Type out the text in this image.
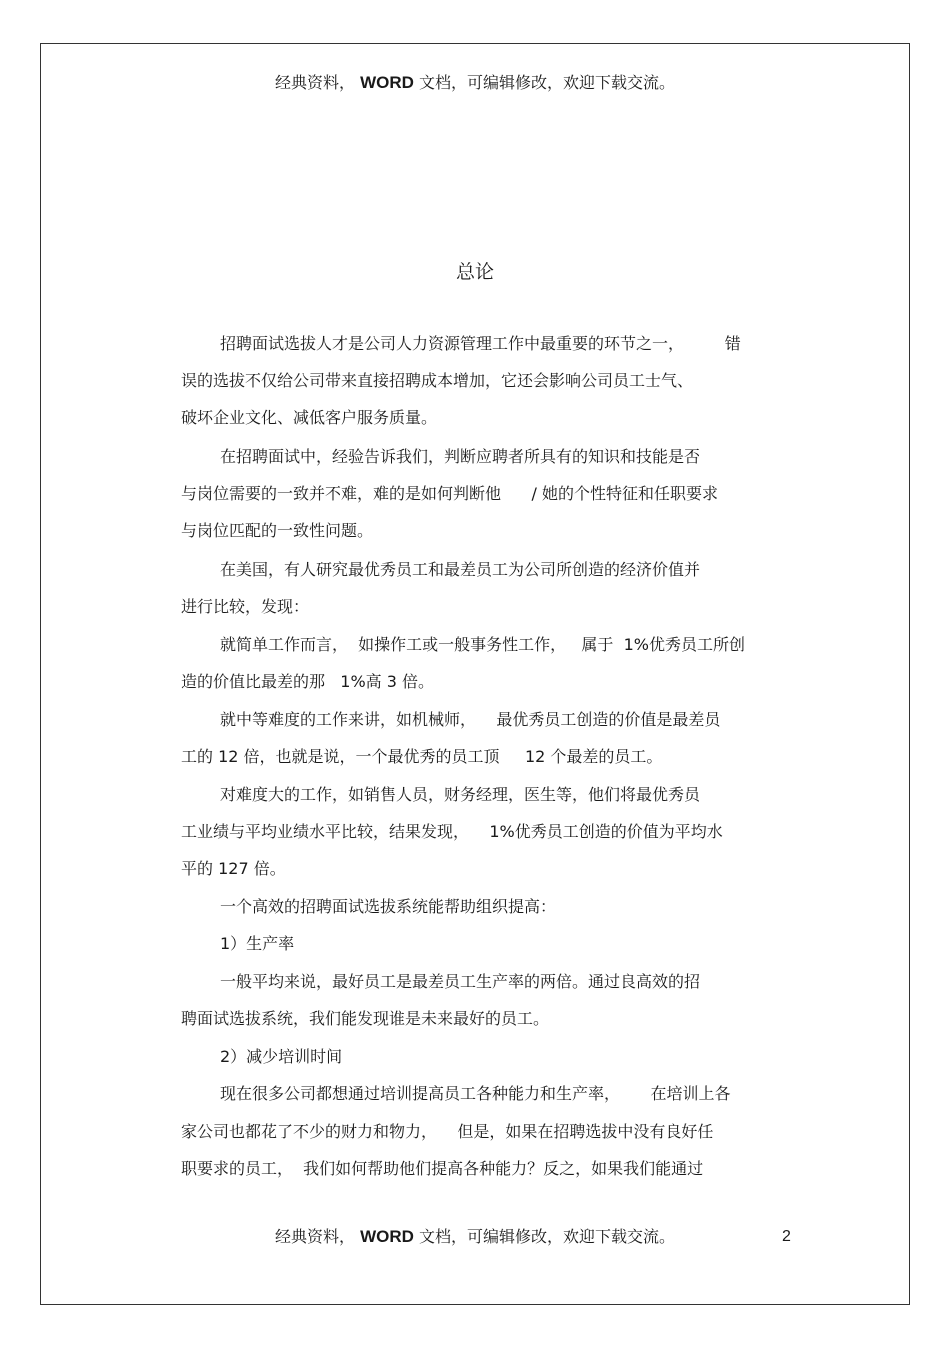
经典资料， WORD 文档，可编辑修改，欢迎下载交流。
总论
招聘面试选拔人才是公司人力资源管理工作中最重要的环节之一，        错
误的选拔不仅给公司带来直接招聘成本增加，它还会影响公司员工士气、
破坏企业文化、减低客户服务质量。
在招聘面试中，经验告诉我们，判断应聘者所具有的知识和技能是否
与岗位需要的一致并不难，难的是如何判断他      / 她的个性特征和任职要求
与岗位匹配的一致性问题。
在美国，有人研究最优秀员工和最差员工为公司所创造的经济价值并
进行比较，发现：
就简单工作而言，  如操作工或一般事务性工作，   属于  1%优秀员工所创
造的价值比最差的那   1%高 3 倍。
就中等难度的工作来讲，如机械师，    最优秀员工创造的价值是最差员
工的 12 倍，也就是说，一个最优秀的员工顶     12 个最差的员工。
对难度大的工作，如销售人员，财务经理，医生等，他们将最优秀员
工业绩与平均业绩水平比较，结果发现，    1%优秀员工创造的价值为平均水
平的 127 倍。
一个高效的招聘面试选拔系统能帮助组织提高：
1）生产率
一般平均来说，最好员工是最差员工生产率的两倍。通过良高效的招
聘面试选拔系统，我们能发现谁是未来最好的员工。
2）减少培训时间
现在很多公司都想通过培训提高员工各种能力和生产率，      在培训上各
家公司也都花了不少的财力和物力，    但是，如果在招聘选拔中没有良好任
职要求的员工，  我们如何帮助他们提高各种能力？反之，如果我们能通过
经典资料， WORD 文档，可编辑修改，欢迎下载交流。	2
